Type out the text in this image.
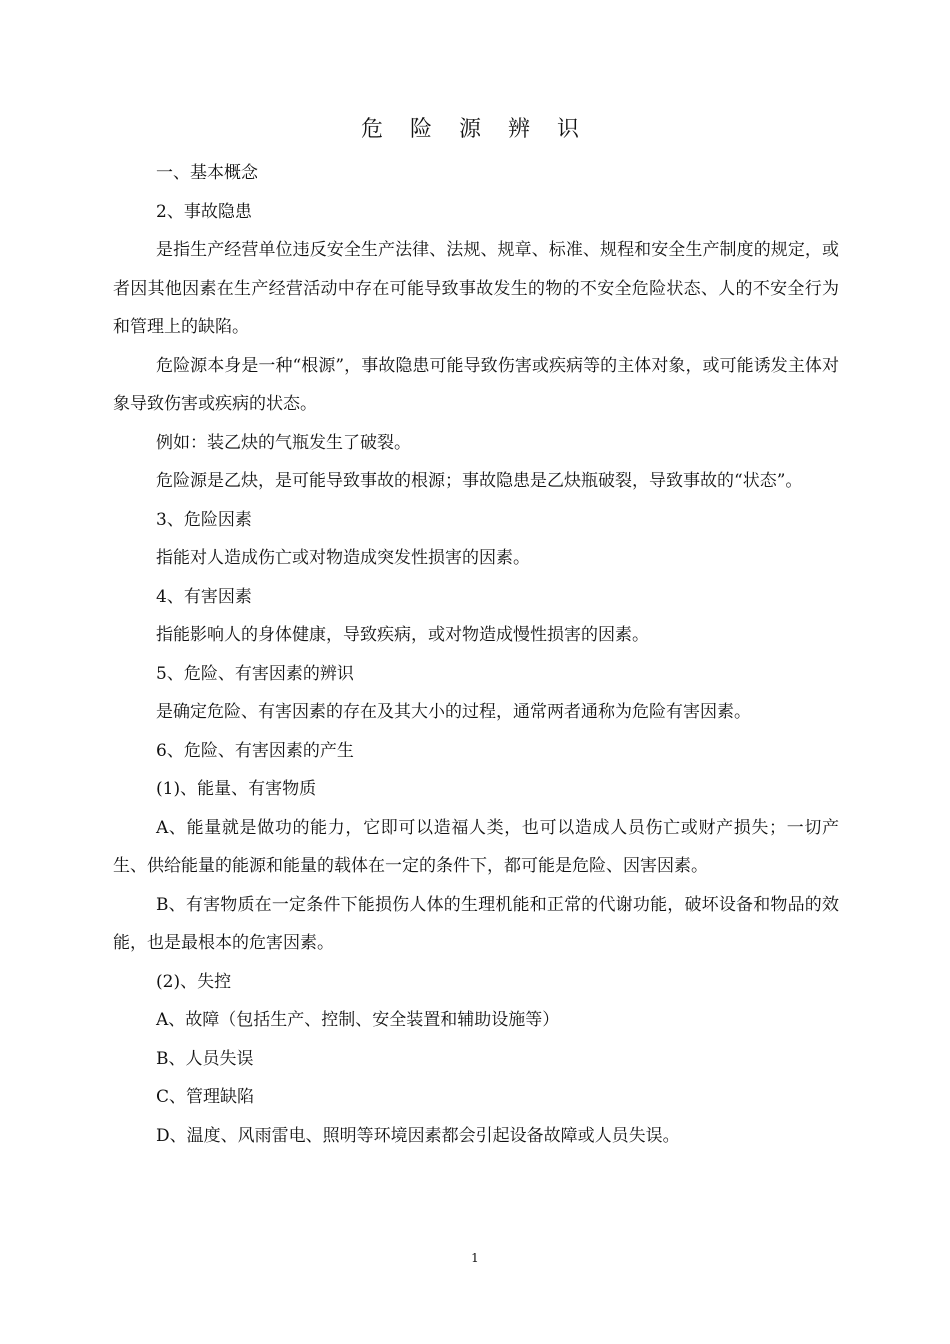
危 险 源 辨 识

一、基本概念

2、事故隐患

是指生产经营单位违反安全生产法律、法规、规章、标准、规程和安全生产制度的规定，或者因其他因素在生产经营活动中存在可能导致事故发生的物的不安全危险状态、人的不安全行为和管理上的缺陷。

危险源本身是一种“根源”，事故隐患可能导致伤害或疾病等的主体对象，或可能诱发主体对象导致伤害或疾病的状态。

例如：装乙炔的气瓶发生了破裂。

危险源是乙炔，是可能导致事故的根源；事故隐患是乙炔瓶破裂，导致事故的“状态”。

3、危险因素

指能对人造成伤亡或对物造成突发性损害的因素。

4、有害因素

指能影响人的身体健康，导致疾病，或对物造成慢性损害的因素。

5、危险、有害因素的辨识

是确定危险、有害因素的存在及其大小的过程，通常两者通称为危险有害因素。

6、危险、有害因素的产生

(1)、能量、有害物质

A、能量就是做功的能力，它即可以造福人类，也可以造成人员伤亡或财产损失；一切产生、供给能量的能源和能量的载体在一定的条件下，都可能是危险、因害因素。

B、有害物质在一定条件下能损伤人体的生理机能和正常的代谢功能，破坏设备和物品的效能，也是最根本的危害因素。

(2)、失控

A、故障（包括生产、控制、安全装置和辅助设施等）

B、人员失误

C、管理缺陷

D、温度、风雨雷电、照明等环境因素都会引起设备故障或人员失误。

1
